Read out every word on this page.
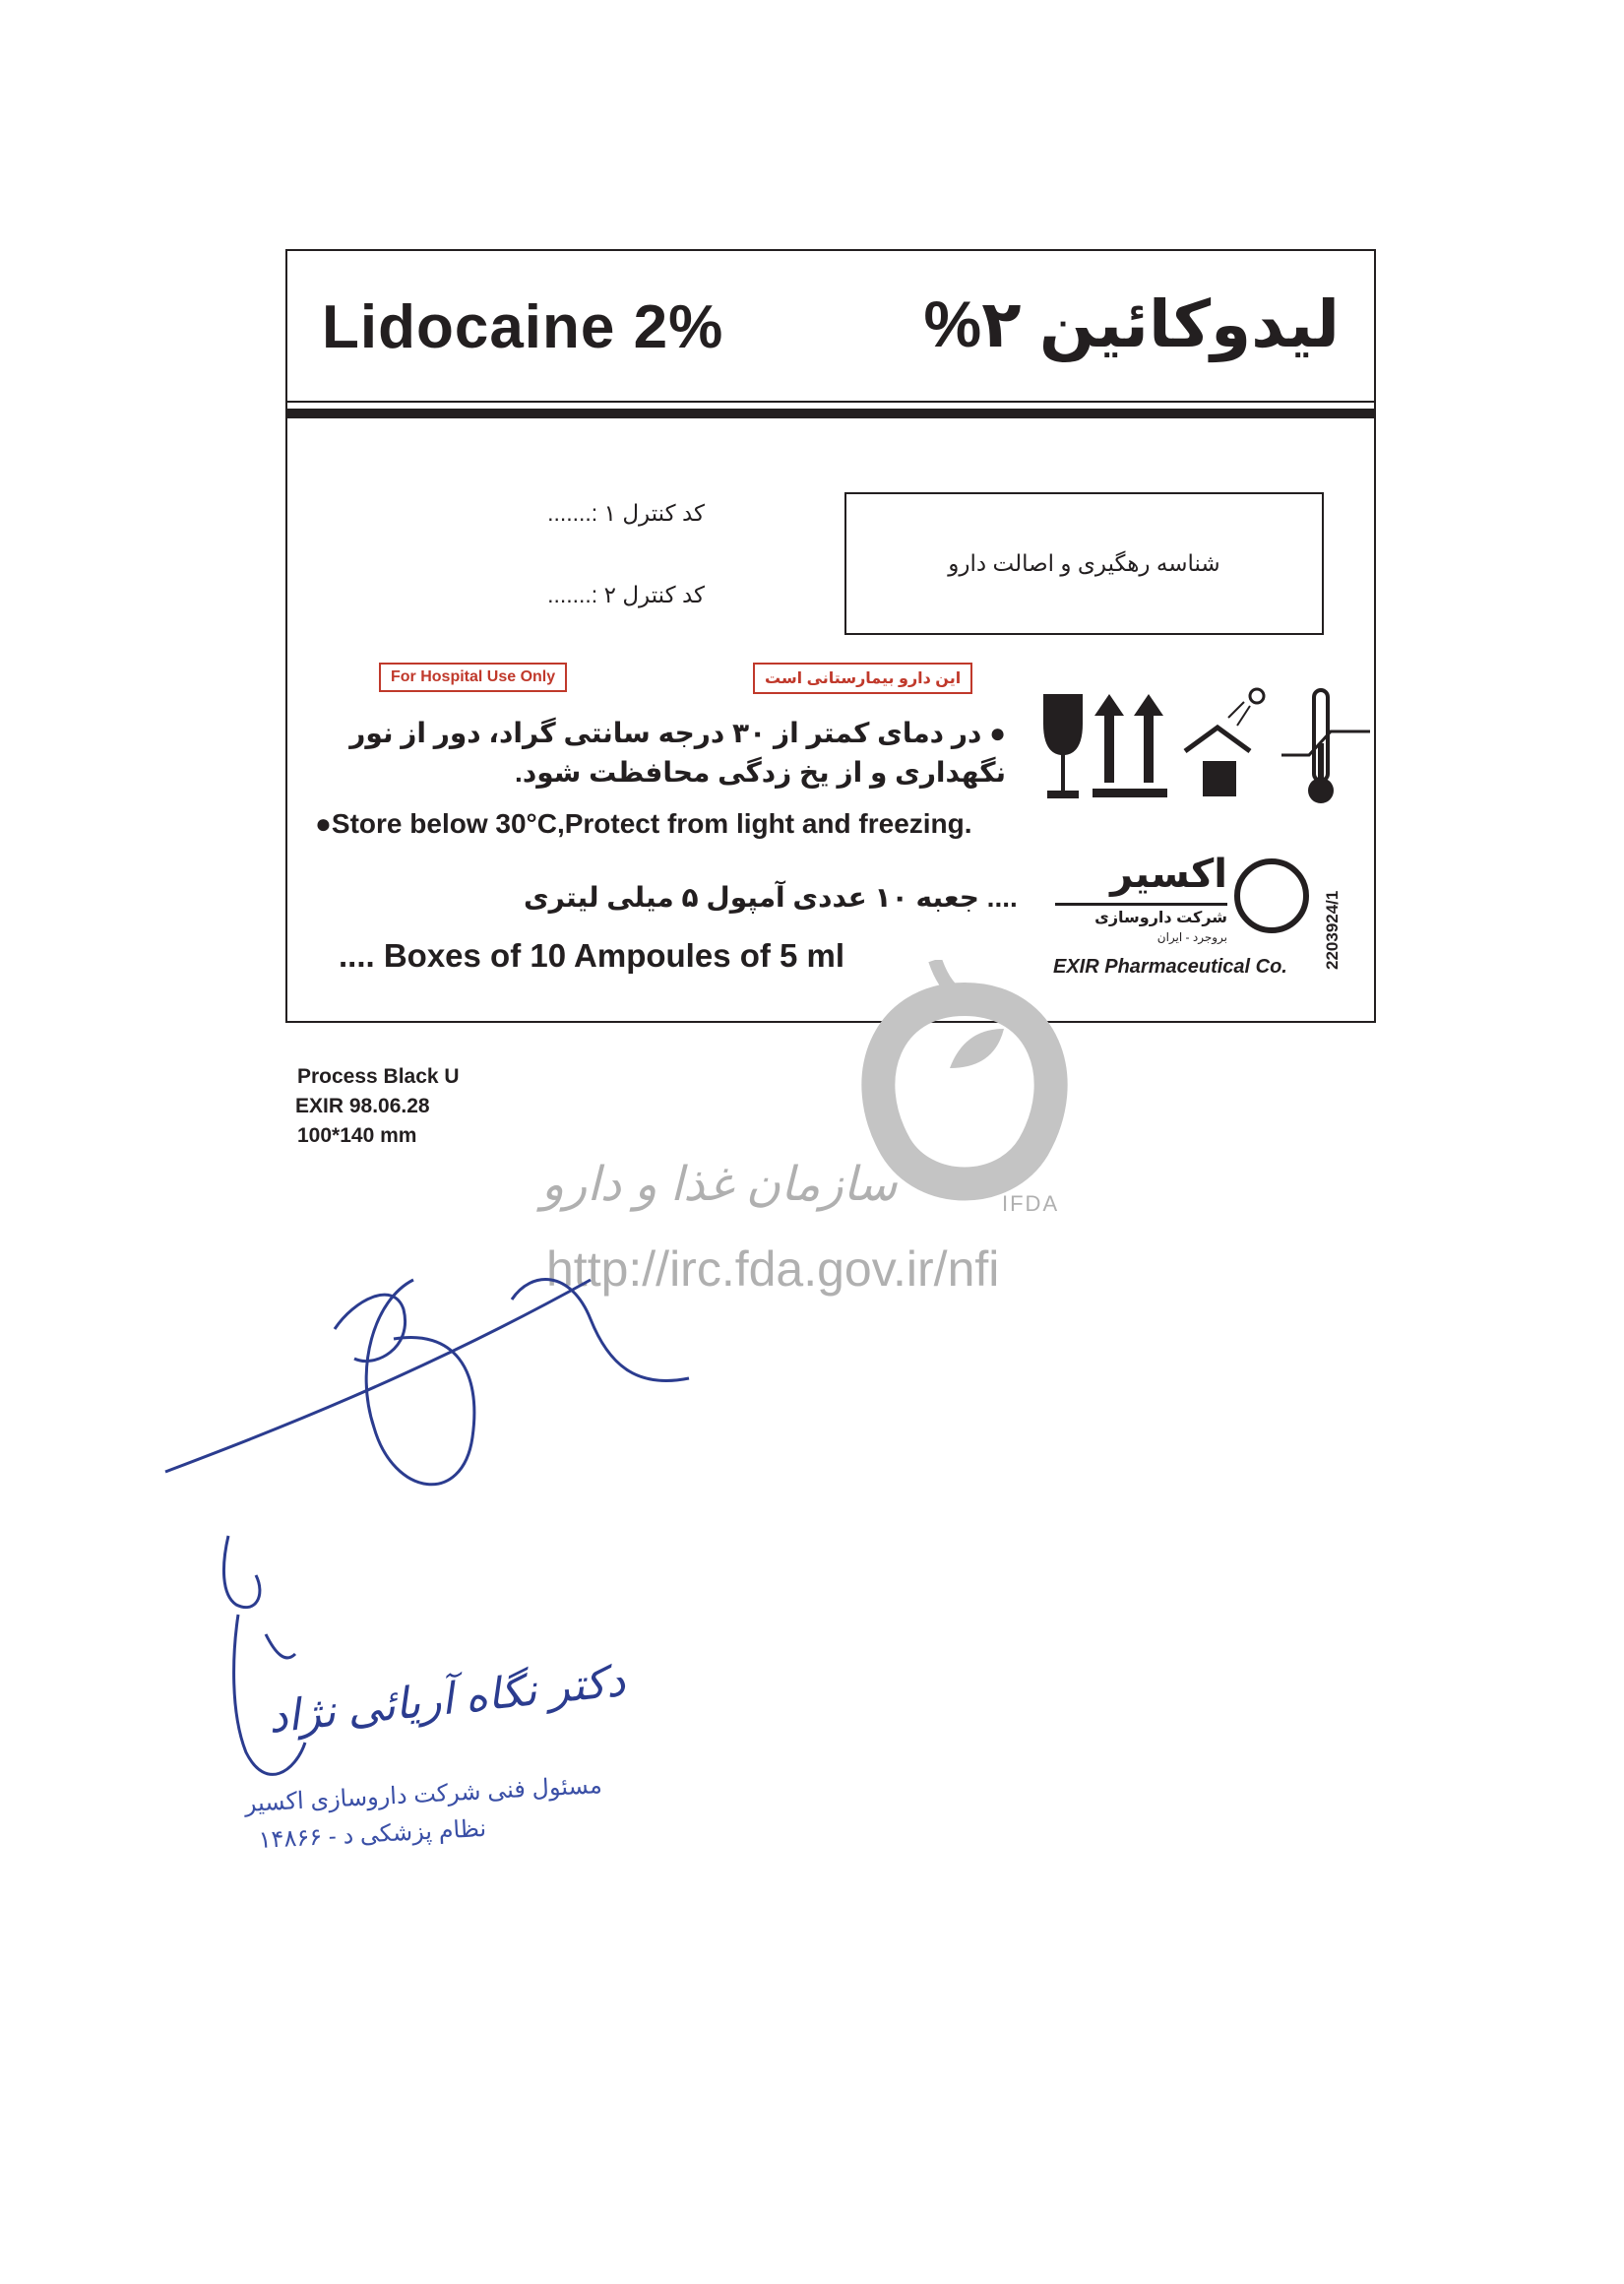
Lidocaine 2%	لیدوکائین ۲%
کد کنترل ۱ :.......
کد کنترل ۲ :.......
شناسه رهگیری و اصالت دارو
For Hospital Use Only	این دارو بیمارستانی است
● در دمای کمتر از ۳۰ درجه سانتی گراد، دور از نور نگهداری و از یخ زدگی محافظت شود.
●Store below 30°C,Protect from light and freezing.
.... جعبه ۱۰ عددی آمپول ۵ میلی لیتری
.... Boxes of 10 Ampoules of 5 ml
اکسیر
شرکت داروسازی
بروجرد - ایران
EXIR Pharmaceutical Co. 2203924/1
Process Black U
EXIR 98.06.28
100*140 mm
سازمان غذا و دارو	IFDA
http://irc.fda.gov.ir/nfi
دکتر نگاه آریائی نژاد
مسئول فنی شرکت داروسازی اکسیر
نظام پزشکی د - ۱۴۸۶۶
